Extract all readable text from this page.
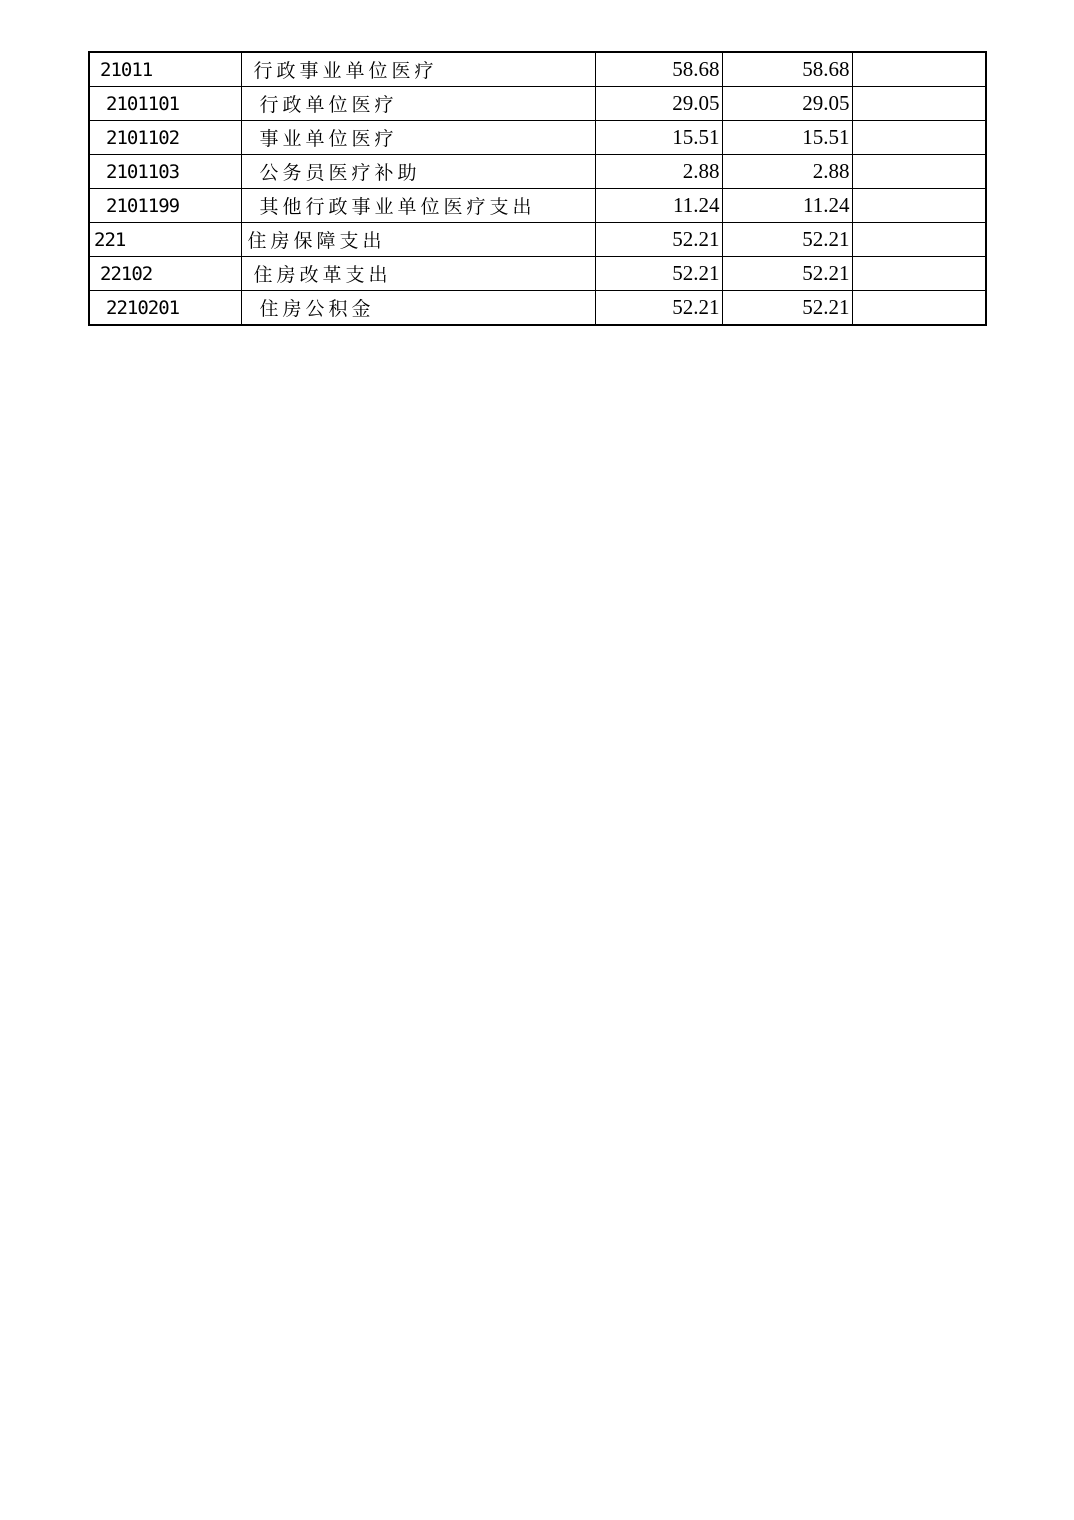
21011	行政事业单位医疗	58.68	58.68	
2101101	行政单位医疗	29.05	29.05	
2101102	事业单位医疗	15.51	15.51	
2101103	公务员医疗补助	2.88	2.88	
2101199	其他行政事业单位医疗支出	11.24	11.24	
221	住房保障支出	52.21	52.21	
22102	住房改革支出	52.21	52.21	
2210201	住房公积金	52.21	52.21	
